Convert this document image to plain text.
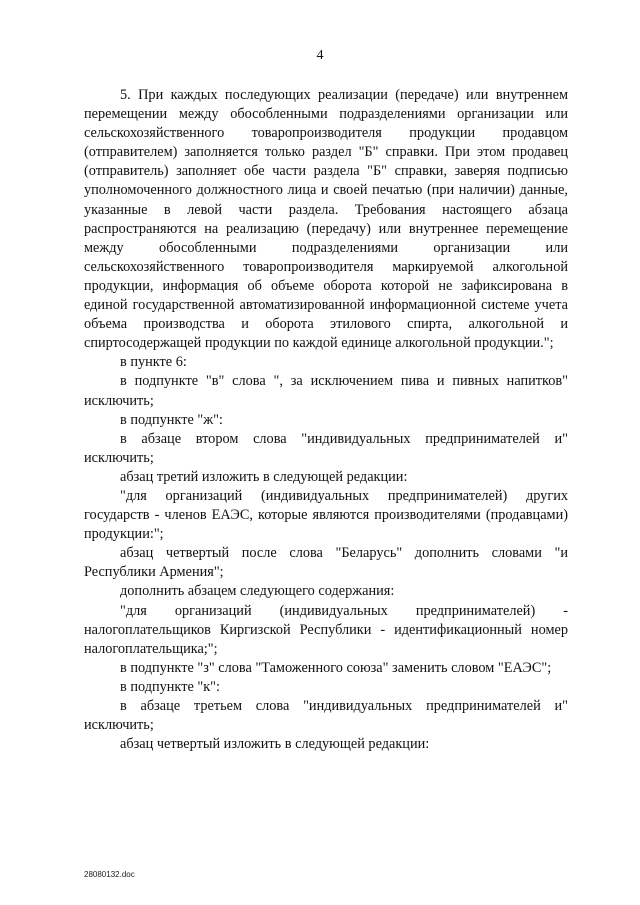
4

5. При каждых последующих реализации (передаче) или внутреннем перемещении между обособленными подразделениями организации или сельскохозяйственного товаропроизводителя продукции продавцом (отправителем) заполняется только раздел "Б" справки. При этом продавец (отправитель) заполняет обе части раздела "Б" справки, заверяя подписью уполномоченного должностного лица и своей печатью (при наличии) данные, указанные в левой части раздела. Требования настоящего абзаца распространяются на реализацию (передачу) или внутреннее перемещение между обособленными подразделениями организации или сельскохозяйственного товаропроизводителя маркируемой алкогольной продукции, информация об объеме оборота которой не зафиксирована в единой государственной автоматизированной информационной системе учета объема производства и оборота этилового спирта, алкогольной и спиртосодержащей продукции по каждой единице алкогольной продукции.";

в пункте 6:

в подпункте "в" слова ", за исключением пива и пивных напитков" исключить;

в подпункте "ж":

в абзаце втором слова "индивидуальных предпринимателей и" исключить;

абзац третий изложить в следующей редакции:

"для организаций (индивидуальных предпринимателей) других государств - членов ЕАЭС, которые являются производителями (продавцами) продукции:";

абзац четвертый после слова "Беларусь" дополнить словами "и Республики Армения";

дополнить абзацем следующего содержания:

"для организаций (индивидуальных предпринимателей) - налогоплательщиков Киргизской Республики - идентификационный номер налогоплательщика;";

в подпункте "з" слова "Таможенного союза" заменить словом "ЕАЭС";

в подпункте "к":

в абзаце третьем слова "индивидуальных предпринимателей и" исключить;

абзац четвертый изложить в следующей редакции:

28080132.doc
